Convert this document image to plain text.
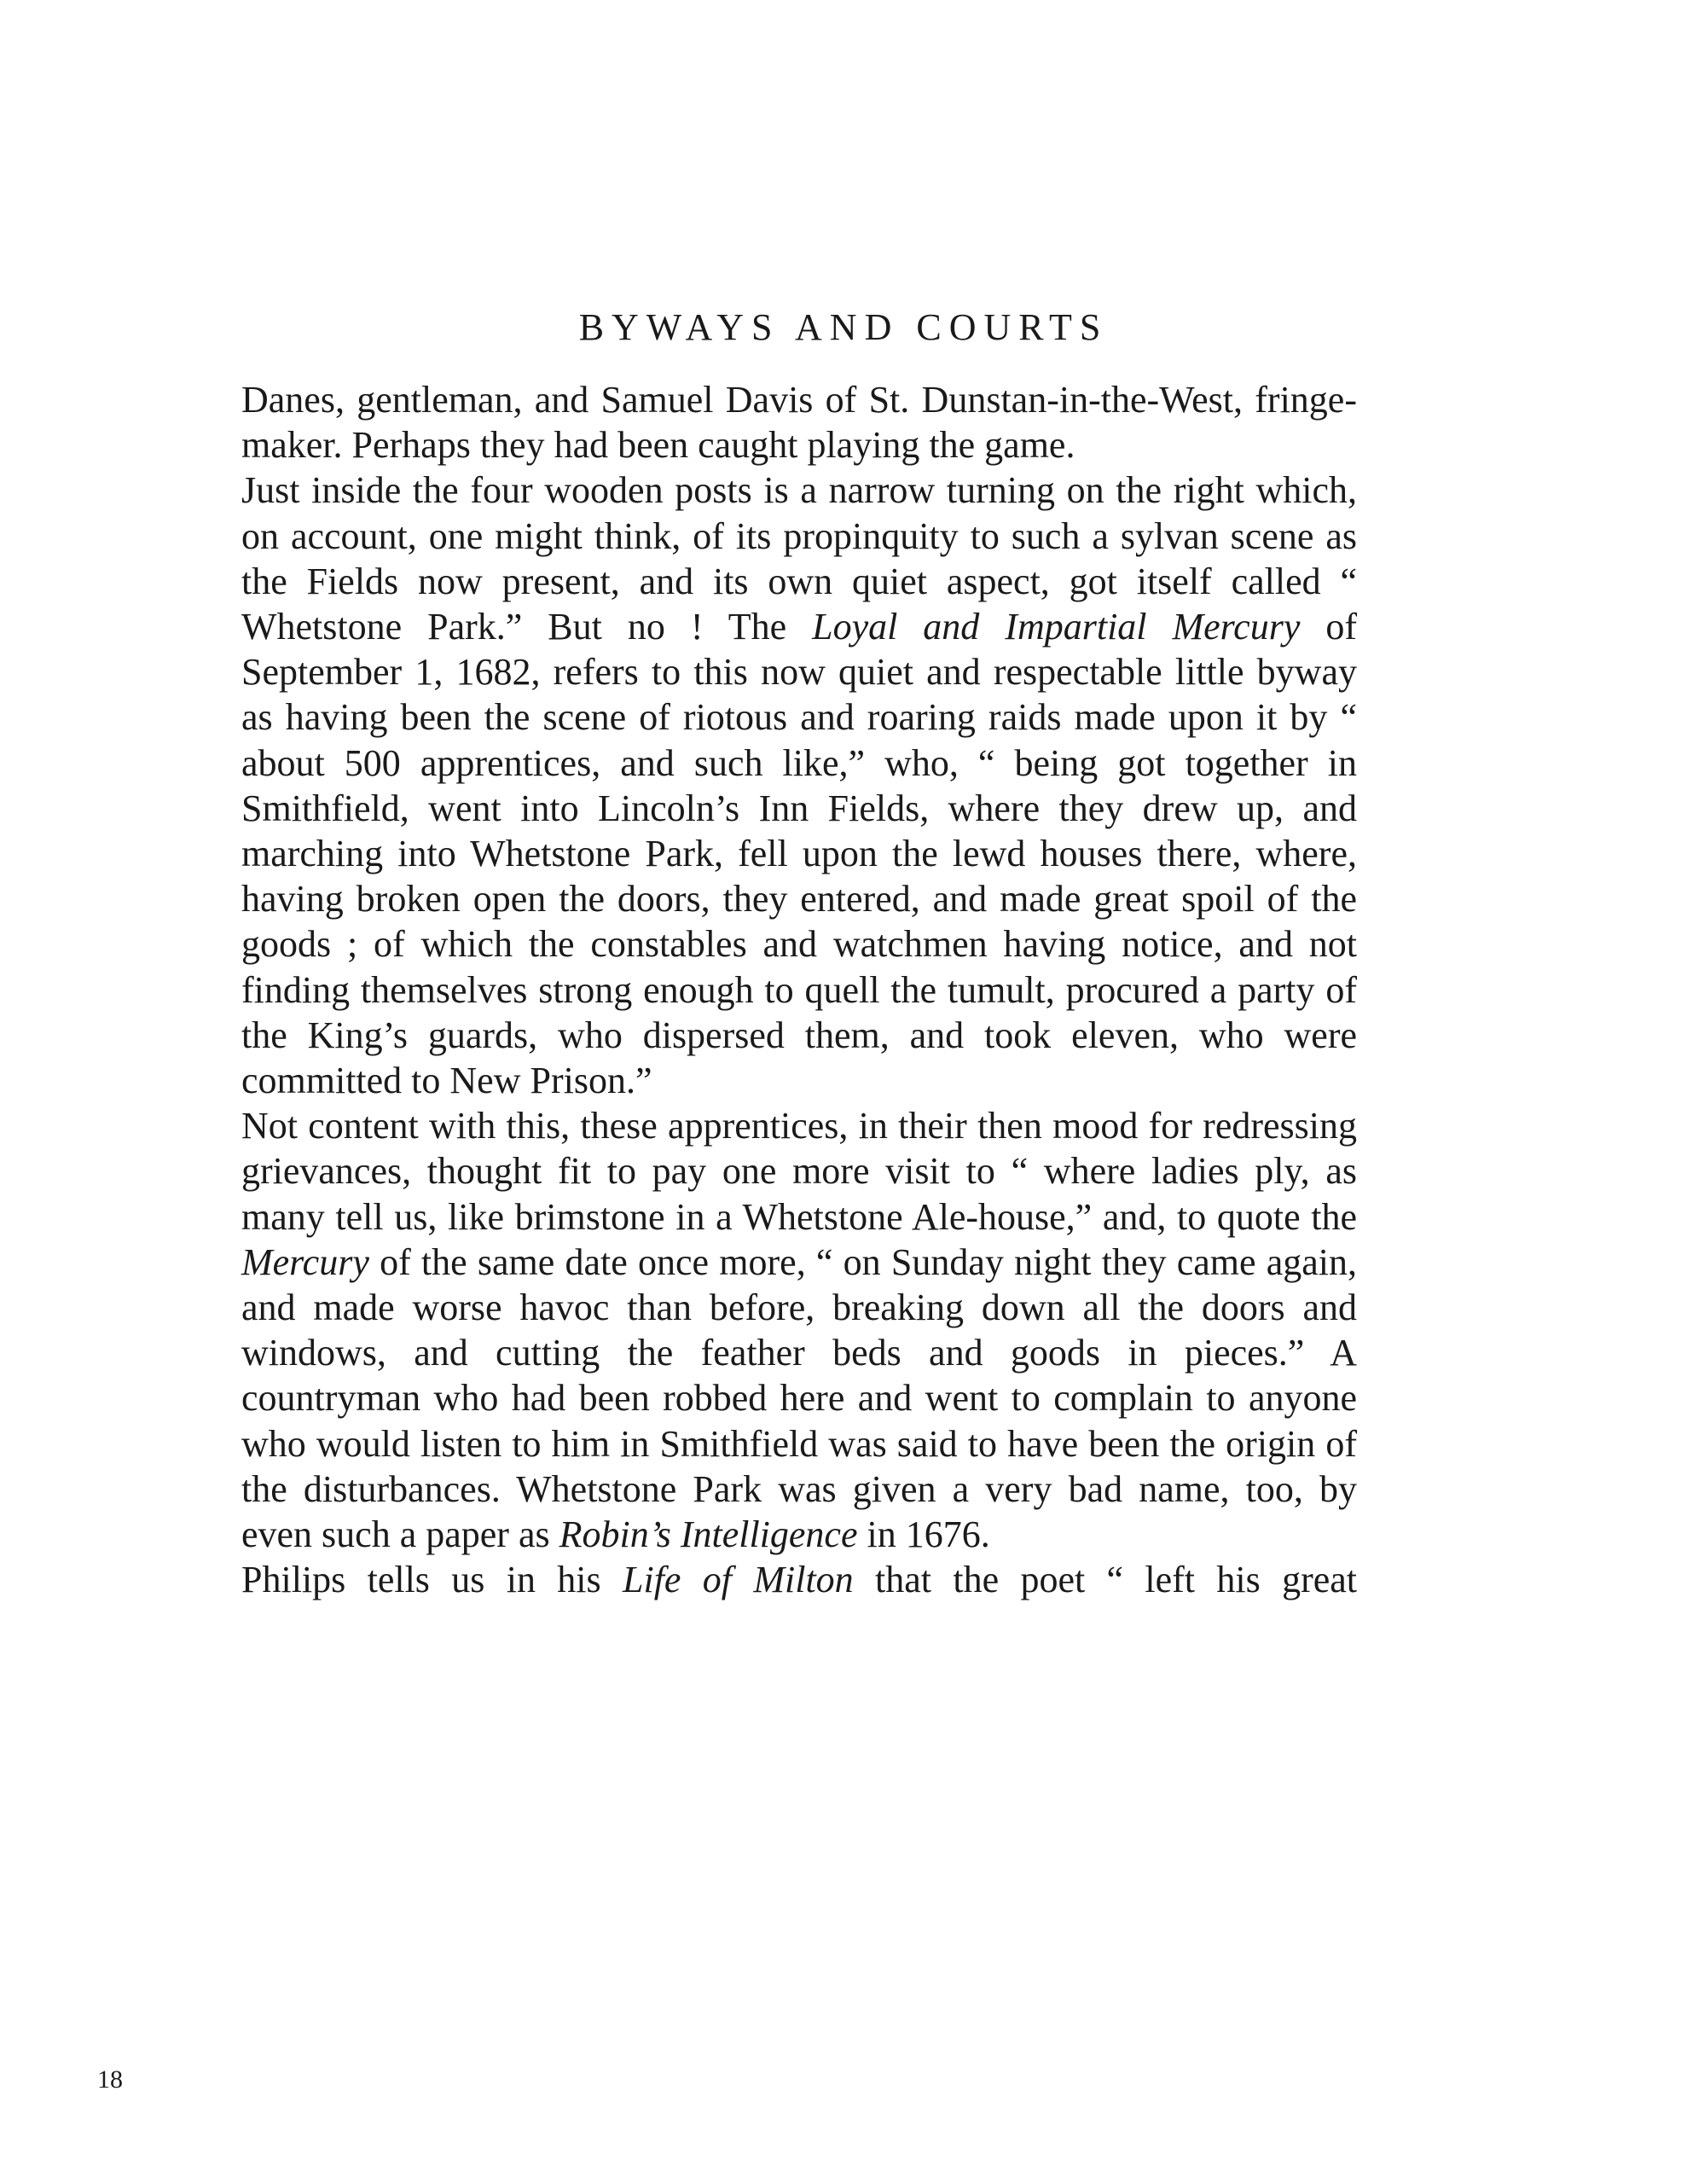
BYWAYS AND COURTS

Danes, gentleman, and Samuel Davis of St. Dunstan-in-the-West, fringe-maker. Perhaps they had been caught playing the game.

Just inside the four wooden posts is a narrow turning on the right which, on account, one might think, of its propinquity to such a sylvan scene as the Fields now present, and its own quiet aspect, got itself called “ Whetstone Park.” But no ! The Loyal and Impartial Mercury of September 1, 1682, refers to this now quiet and respectable little byway as having been the scene of riotous and roaring raids made upon it by “ about 500 apprentices, and such like,” who, “ being got together in Smithfield, went into Lincoln’s Inn Fields, where they drew up, and marching into Whetstone Park, fell upon the lewd houses there, where, having broken open the doors, they entered, and made great spoil of the goods ; of which the constables and watchmen having notice, and not finding themselves strong enough to quell the tumult, procured a party of the King’s guards, who dispersed them, and took eleven, who were committed to New Prison.”

Not content with this, these apprentices, in their then mood for redressing grievances, thought fit to pay one more visit to “ where ladies ply, as many tell us, like brimstone in a Whetstone Ale-house,” and, to quote the Mercury of the same date once more, “ on Sunday night they came again, and made worse havoc than before, breaking down all the doors and windows, and cutting the feather beds and goods in pieces.” A countryman who had been robbed here and went to complain to anyone who would listen to him in Smithfield was said to have been the origin of the disturbances. Whetstone Park was given a very bad name, too, by even such a paper as Robin’s Intelligence in 1676.

Philips tells us in his Life of Milton that the poet “ left his great

18
